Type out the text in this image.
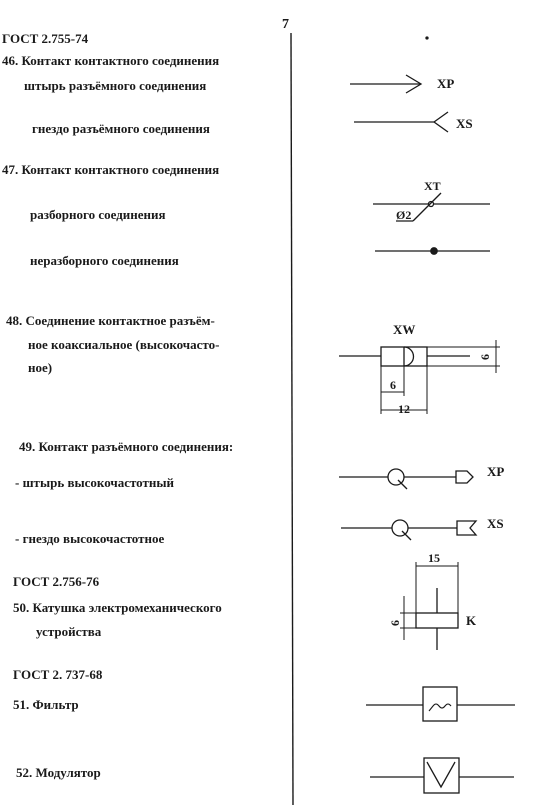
7
ГОСТ 2.755-74
46. Контакт контактного соединения
штырь разъёмного соединения
гнездо разъёмного соединения
47. Контакт контактного соединения
разборного соединения
неразборного соединения
48. Соединение контактное разъём-
ное коаксиальное (высокочасто-
ное)
49. Контакт разъёмного соединения:
- штырь высокочастотный
- гнездо высокочастотное
ГОСТ 2.756-76
50. Катушка электромеханического
устройства
ГОСТ 2. 737-68
51. Фильтр
52. Модулятор
XP
XS
XT
Ø2
XW
6
6
12
XP
XS
15
6	K
